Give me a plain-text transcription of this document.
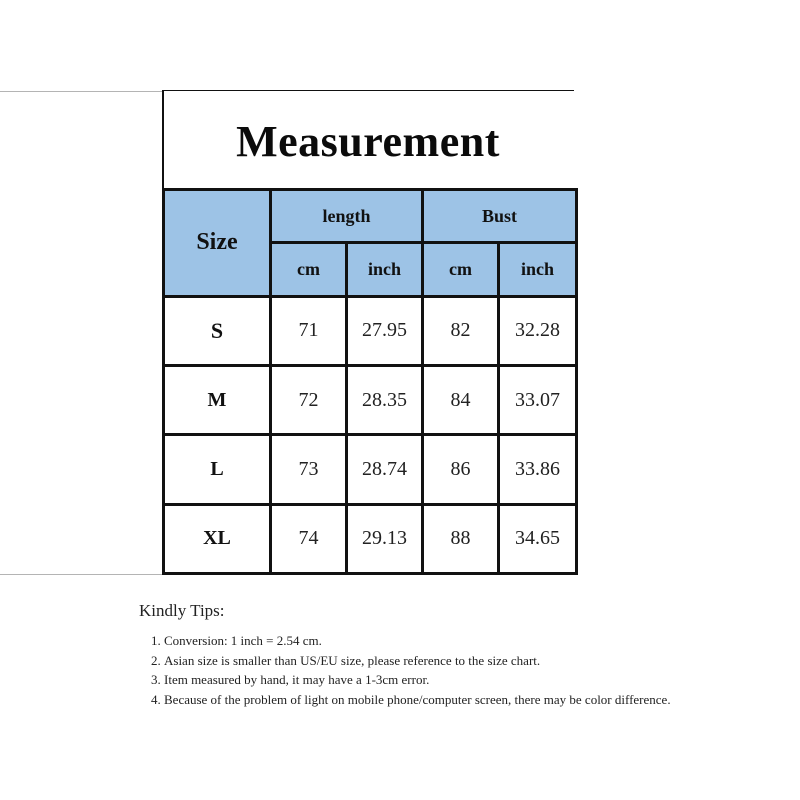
Measurement
Size	length		Bust	
	cm	inch	cm	inch
S	71	27.95	82	32.28
M	72	28.35	84	33.07
L	73	28.74	86	33.86
XL	74	29.13	88	34.65
Kindly Tips:
1. Conversion: 1 inch = 2.54 cm.
2. Asian size is smaller than US/EU size, please reference to the size chart.
3. Item measured by hand, it may have a 1-3cm error.
4. Because of the problem of light on mobile phone/computer screen, there may be color difference.
